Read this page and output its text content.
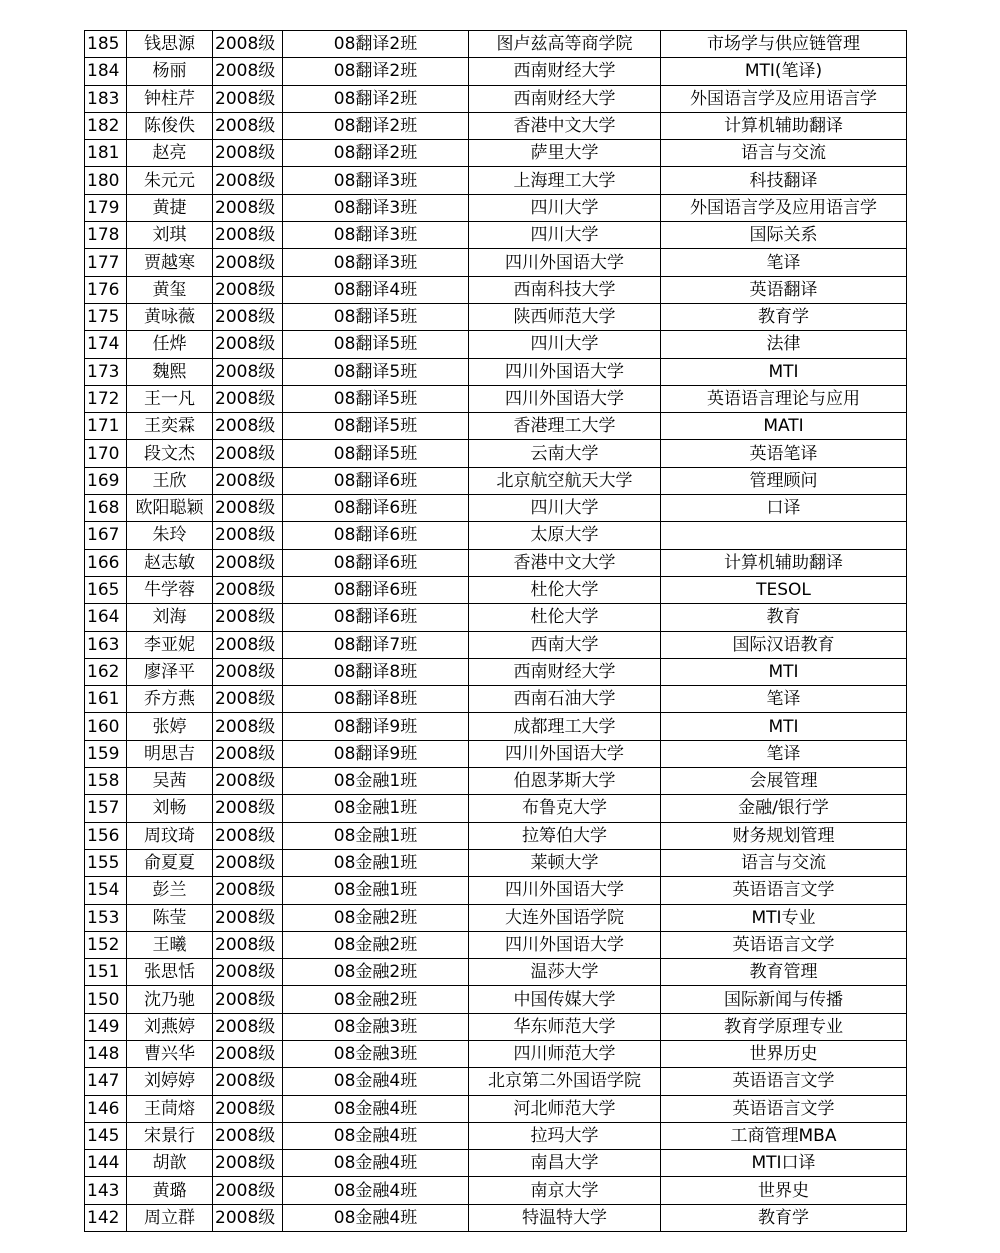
185	钱思源	2008级	08翻译2班	图卢兹高等商学院	市场学与供应链管理
184	杨丽	2008级	08翻译2班	西南财经大学	MTI(笔译)
183	钟柱芹	2008级	08翻译2班	西南财经大学	外国语言学及应用语言学
182	陈俊佚	2008级	08翻译2班	香港中文大学	计算机辅助翻译
181	赵亮	2008级	08翻译2班	萨里大学	语言与交流
180	朱元元	2008级	08翻译3班	上海理工大学	科技翻译
179	黄捷	2008级	08翻译3班	四川大学	外国语言学及应用语言学
178	刘琪	2008级	08翻译3班	四川大学	国际关系
177	贾越寒	2008级	08翻译3班	四川外国语大学	笔译
176	黄玺	2008级	08翻译4班	西南科技大学	英语翻译
175	黄咏薇	2008级	08翻译5班	陕西师范大学	教育学
174	任烨	2008级	08翻译5班	四川大学	法律
173	魏熙	2008级	08翻译5班	四川外国语大学	MTI
172	王一凡	2008级	08翻译5班	四川外国语大学	英语语言理论与应用
171	王奕霖	2008级	08翻译5班	香港理工大学	MATI
170	段文杰	2008级	08翻译5班	云南大学	英语笔译
169	王欣	2008级	08翻译6班	北京航空航天大学	管理顾问
168	欧阳聪颖	2008级	08翻译6班	四川大学	口译
167	朱玲	2008级	08翻译6班	太原大学	
166	赵志敏	2008级	08翻译6班	香港中文大学	计算机辅助翻译
165	牛学蓉	2008级	08翻译6班	杜伦大学	TESOL
164	刘海	2008级	08翻译6班	杜伦大学	教育
163	李亚妮	2008级	08翻译7班	西南大学	国际汉语教育
162	廖泽平	2008级	08翻译8班	西南财经大学	MTI
161	乔方燕	2008级	08翻译8班	西南石油大学	笔译
160	张婷	2008级	08翻译9班	成都理工大学	MTI
159	明思吉	2008级	08翻译9班	四川外国语大学	笔译
158	吴茜	2008级	08金融1班	伯恩茅斯大学	会展管理
157	刘畅	2008级	08金融1班	布鲁克大学	金融/银行学
156	周玟琦	2008级	08金融1班	拉筹伯大学	财务规划管理
155	俞夏夏	2008级	08金融1班	莱顿大学	语言与交流
154	彭兰	2008级	08金融1班	四川外国语大学	英语语言文学
153	陈莹	2008级	08金融2班	大连外国语学院	MTI专业
152	王曦	2008级	08金融2班	四川外国语大学	英语语言文学
151	张思恬	2008级	08金融2班	温莎大学	教育管理
150	沈乃驰	2008级	08金融2班	中国传媒大学	国际新闻与传播
149	刘燕婷	2008级	08金融3班	华东师范大学	教育学原理专业
148	曹兴华	2008级	08金融3班	四川师范大学	世界历史
147	刘婷婷	2008级	08金融4班	北京第二外国语学院	英语语言文学
146	王茼熔	2008级	08金融4班	河北师范大学	英语语言文学
145	宋景行	2008级	08金融4班	拉玛大学	工商管理MBA
144	胡歆	2008级	08金融4班	南昌大学	MTI口译
143	黄璐	2008级	08金融4班	南京大学	世界史
142	周立群	2008级	08金融4班	特温特大学	教育学
